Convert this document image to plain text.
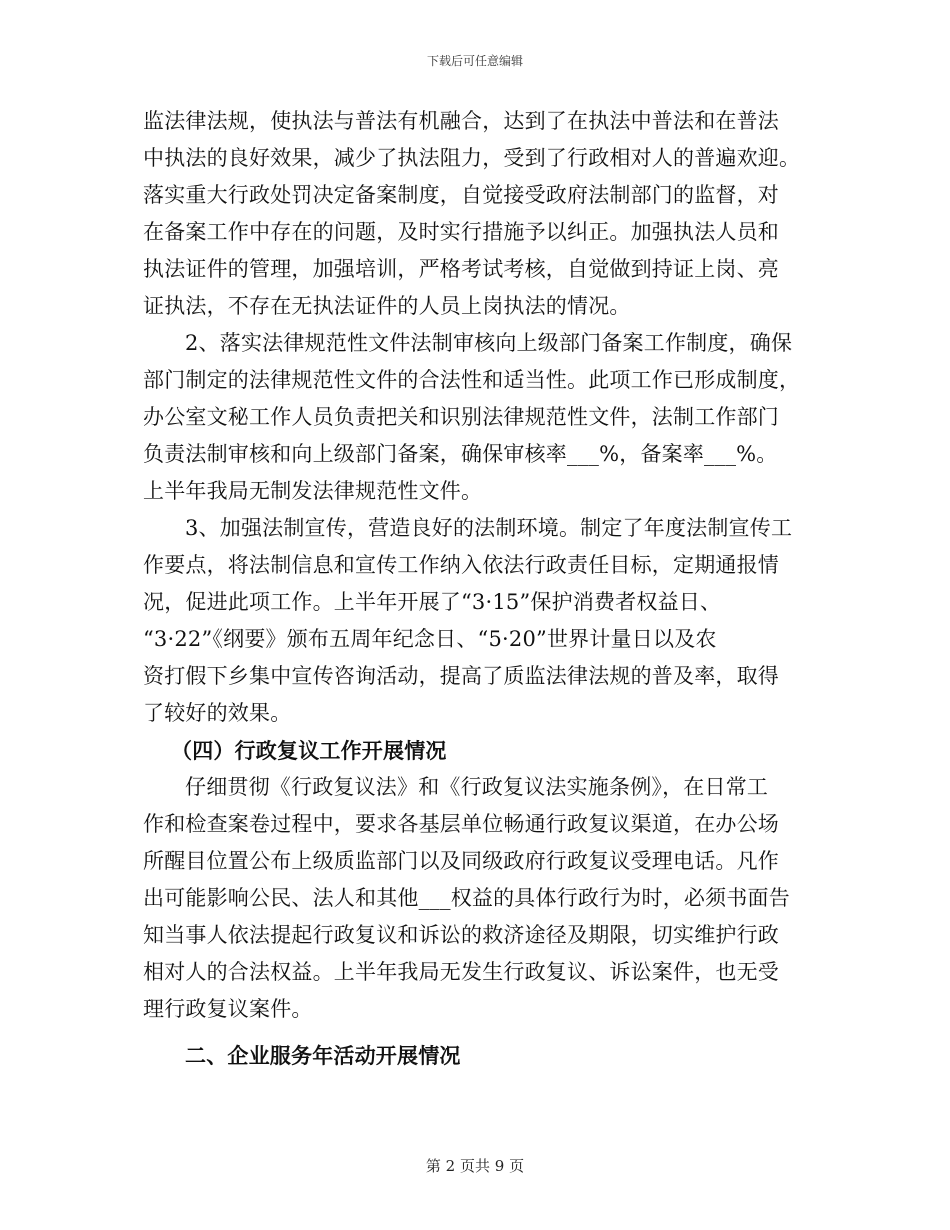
下载后可任意编辑
监法律法规，使执法与普法有机融合，达到了在执法中普法和在普法
中执法的良好效果，减少了执法阻力，受到了行政相对人的普遍欢迎。
落实重大行政处罚决定备案制度，自觉接受政府法制部门的监督，对
在备案工作中存在的问题，及时实行措施予以纠正。加强执法人员和
执法证件的管理，加强培训，严格考试考核，自觉做到持证上岗、亮
证执法，不存在无执法证件的人员上岗执法的情况。
2、落实法律规范性文件法制审核向上级部门备案工作制度，确保
部门制定的法律规范性文件的合法性和适当性。此项工作已形成制度，
办公室文秘工作人员负责把关和识别法律规范性文件，法制工作部门
负责法制审核和向上级部门备案，确保审核率___%，备案率___%。
上半年我局无制发法律规范性文件。
3、加强法制宣传，营造良好的法制环境。制定了年度法制宣传工
作要点，将法制信息和宣传工作纳入依法行政责任目标，定期通报情
况，促进此项工作。上半年开展了“3·15”保护消费者权益日、
“3·22”《纲要》颁布五周年纪念日、“5·20”世界计量日以及农
资打假下乡集中宣传咨询活动，提高了质监法律法规的普及率，取得
了较好的效果。
（四）行政复议工作开展情况
仔细贯彻《行政复议法》和《行政复议法实施条例》，在日常工
作和检查案卷过程中，要求各基层单位畅通行政复议渠道，在办公场
所醒目位置公布上级质监部门以及同级政府行政复议受理电话。凡作
出可能影响公民、法人和其他___权益的具体行政行为时，必须书面告
知当事人依法提起行政复议和诉讼的救济途径及期限，切实维护行政
相对人的合法权益。上半年我局无发生行政复议、诉讼案件，也无受
理行政复议案件。
二、企业服务年活动开展情况
第 2 页共 9 页
